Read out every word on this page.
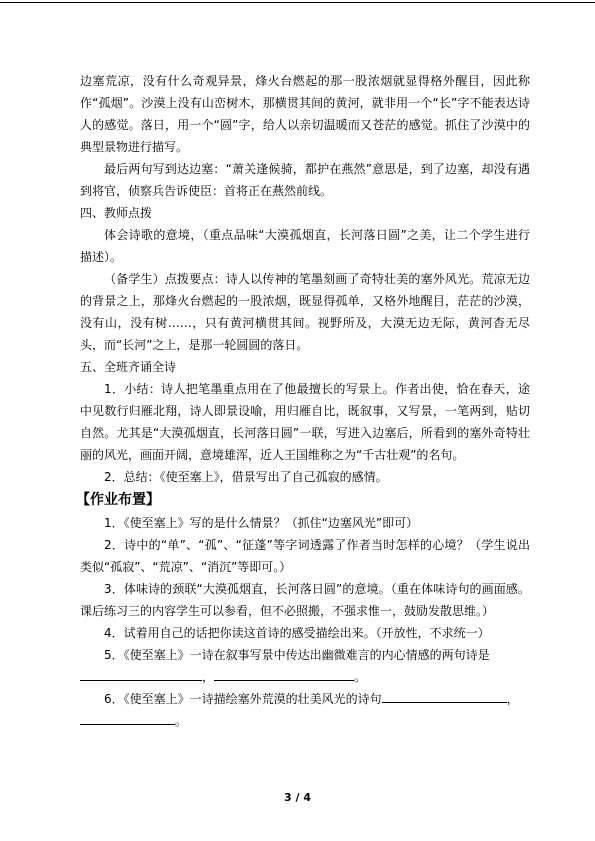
边塞荒凉，没有什么奇观异景，烽火台燃起的那一股浓烟就显得格外醒目，因此称作“孤烟”。沙漠上没有山峦树木，那横贯其间的黄河，就非用一个“长”字不能表达诗人的感觉。落日，用一个“圆”字，给人以亲切温暖而又苍茫的感觉。抓住了沙漠中的典型景物进行描写。

最后两句写到达边塞：“萧关逢候骑，都护在燕然”意思是，到了边塞，却没有遇到将官，侦察兵告诉使臣：首将正在燕然前线。

四、教师点拨

体会诗歌的意境，（重点品味“大漠孤烟直，长河落日圆”之美，让二个学生进行描述）。

（备学生）点拨要点：诗人以传神的笔墨刻画了奇特壮美的塞外风光。荒凉无边的背景之上，那烽火台燃起的一股浓烟，既显得孤单，又格外地醒目，茫茫的沙漠，没有山，没有树……，只有黄河横贯其间。视野所及，大漠无边无际，黄河杳无尽头，而“长河”之上，是那一轮圆圆的落日。

五、全班齐诵全诗

1．小结：诗人把笔墨重点用在了他最擅长的写景上。作者出使，恰在春天，途中见数行归雁北翔，诗人即景设喻，用归雁自比，既叙事，又写景，一笔两到，贴切自然。尤其是“大漠孤烟直，长河落日圆”一联，写进入边塞后，所看到的塞外奇特壮丽的风光，画面开阔，意境雄浑，近人王国维称之为“千古壮观”的名句。

2．总结：《使至塞上》，借景写出了自己孤寂的感情。

【作业布置】

1．《使至塞上》写的是什么情景？（抓住“边塞风光”即可）

2．诗中的“单”、“孤”、“征蓬”等字词透露了作者当时怎样的心境？（学生说出类似“孤寂”、“荒凉”、“消沉”等即可。）

3．体味诗的颈联“大漠孤烟直，长河落日圆”的意境。（重在体味诗句的画面感。课后练习三的内容学生可以参看，但不必照搬，不强求惟一，鼓励发散思维。）

4．试着用自己的话把你读这首诗的感受描绘出来。（开放性，不求统一）

5．《使至塞上》一诗在叙事写景中传达出幽微难言的内心情感的两句诗是

，	。

6．《使至塞上》一诗描绘塞外荒漠的壮美风光的诗句	，

。

3 / 4
